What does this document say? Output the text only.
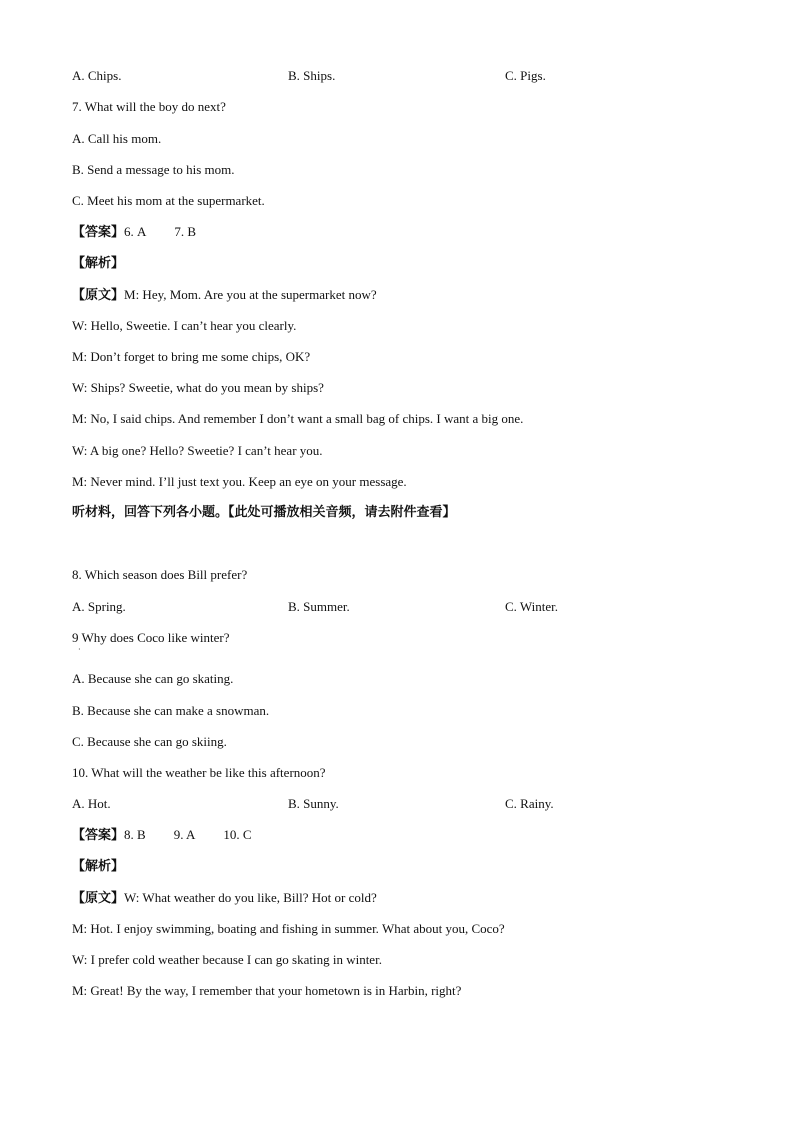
A. Chips.	B. Ships.	C. Pigs.
7. What will the boy do next?
A. Call his mom.
B. Send a message to his mom.
C. Meet his mom at the supermarket.
【答案】6. A 7. B
【解析】
【原文】M: Hey, Mom. Are you at the supermarket now?
W: Hello, Sweetie. I can’t hear you clearly.
M: Don’t forget to bring me some chips, OK?
W: Ships? Sweetie, what do you mean by ships?
M: No, I said chips. And remember I don’t want a small bag of chips. I want a big one.
W: A big one? Hello? Sweetie? I can’t hear you.
M: Never mind. I’ll just text you. Keep an eye on your message.
听材料，回答下列各小题。【此处可播放相关音频，请去附件查看】
8. Which season does Bill prefer?
A. Spring.	B. Summer.	C. Winter.
9 Why does Coco like winter?
·
A. Because she can go skating.
B. Because she can make a snowman.
C. Because she can go skiing.
10. What will the weather be like this afternoon?
A. Hot.	B. Sunny.	C. Rainy.
【答案】8. B 9. A 10. C
【解析】
【原文】W: What weather do you like, Bill? Hot or cold?
M: Hot. I enjoy swimming, boating and fishing in summer. What about you, Coco?
W: I prefer cold weather because I can go skating in winter.
M: Great! By the way, I remember that your hometown is in Harbin, right?
